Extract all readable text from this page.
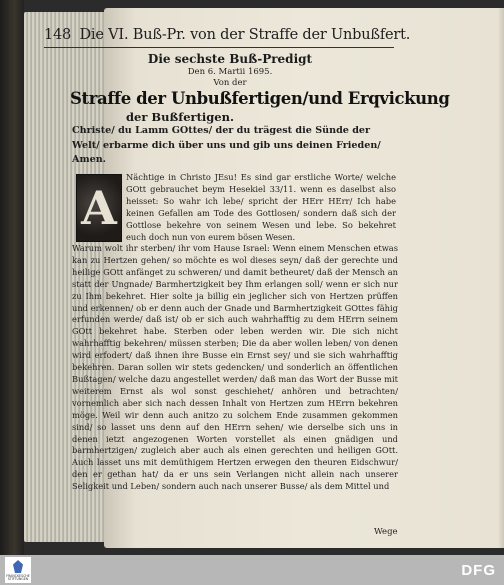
148 Die VI. Buß-Pr. von der Straffe der Unbußfert.
Die sechste Buß-Predigt
Den 6. Martii 1695.
Von der
Straffe der Unbußfertigen/und Erqvickung
der Bußfertigen.
Christe/ du Lamm GOttes/ der du trägest die Sünde der Welt/ erbarme dich über uns und gib uns deinen Frieden/ Amen.
A
Nächtige in Christo JEsu! Es sind gar erstliche Worte/ welche GOtt gebrauchet beym Hesekiel 33/11. wenn es daselbst also heisset: So wahr ich lebe/ spricht der HErr HErr/ Ich habe keinen Gefallen am Tode des Gottlosen/ sondern daß sich der Gottlose bekehre von seinem Wesen und lebe. So bekehret euch doch nun von eurem bösen Wesen.
Warum wolt ihr sterben/ ihr vom Hause Israel: Wenn einem Menschen etwas kan zu Hertzen gehen/ so möchte es wol dieses seyn/ daß der gerechte und heilige GOtt anfänget zu schweren/ und damit betheuret/ daß der Mensch an statt der Ungnade/ Barmhertzigkeit bey Ihm erlangen soll/ wenn er sich nur zu Ihm bekehret. Hier solte ja billig ein jeglicher sich von Hertzen prüffen und erkennen/ ob er denn auch der Gnade und Barmhertzigkeit GOttes fähig erfunden werde/ daß ist/ ob er sich auch wahrhafftig zu dem HErrn seinem GOtt bekehret habe. Sterben oder leben werden wir. Die sich nicht wahrhafftig bekehren/ müssen sterben; Die da aber wollen leben/ von denen wird erfodert/ daß ihnen ihre Busse ein Ernst sey/ und sie sich wahrhafftig bekehren. Daran sollen wir stets gedencken/ und sonderlich an öffentlichen Bußtagen/ welche dazu angestellet werden/ daß man das Wort der Busse mit weiterem Ernst als wol sonst geschiehet/ anhören und betrachten/ vornemlich aber sich nach dessen Inhalt von Hertzen zum HErrn bekehren möge. Weil wir denn auch anitzo zu solchem Ende zusammen gekommen sind/ so lasset uns denn auf den HErrn sehen/ wie derselbe sich uns in denen ietzt angezogenen Worten vorstellet als einen gnädigen und barmhertzigen/ zugleich aber auch als einen gerechten und heiligen GOtt. Auch lasset uns mit demüthigem Hertzen erwegen den theuren Eidschwur/ den er gethan hat/ da er uns sein Verlangen nicht allein nach unserer Seligkeit und Leben/ sondern auch nach unserer Busse/ als dem Mittel und
Wege
FRANCKESCHE STIFTUNGEN
DFG
